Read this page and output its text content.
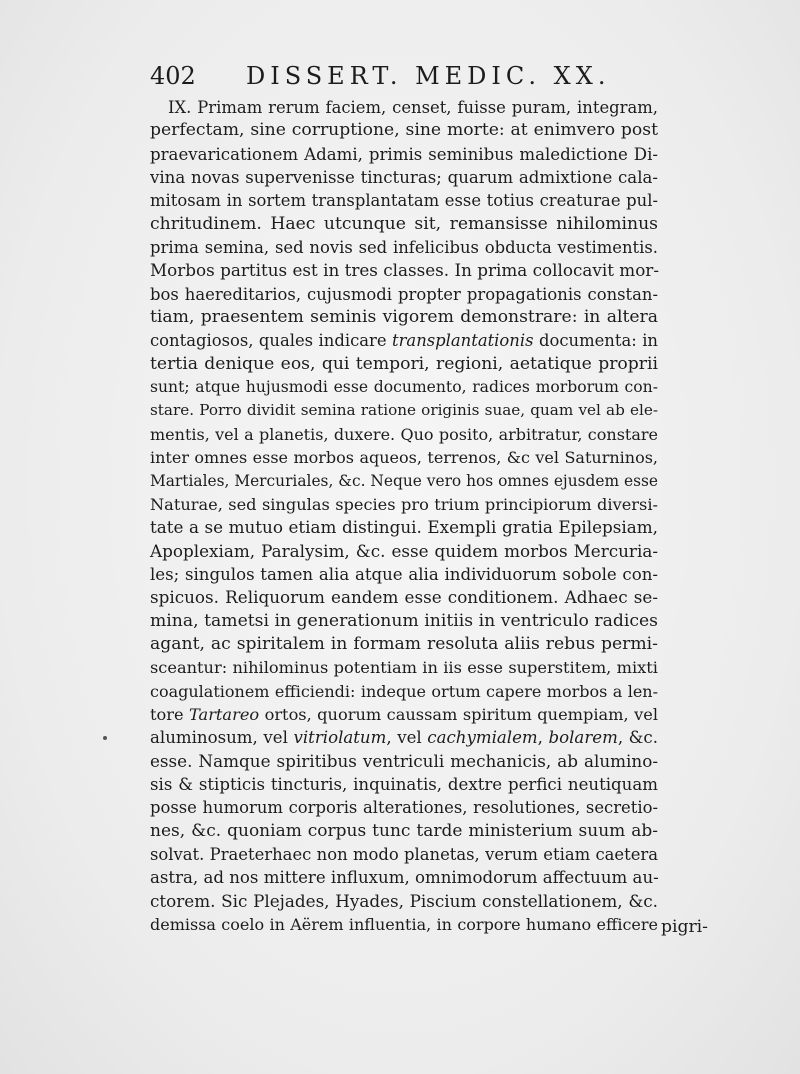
402 DISSERT. MEDIC. XX.
IX. Primam rerum faciem, censet, fuisse puram, integram,
perfectam, sine corruptione, sine morte: at enimvero post
praevaricationem Adami, primis seminibus maledictione Di-
vina novas supervenisse tincturas; quarum admixtione cala-
mitosam in sortem transplantatam esse totius creaturae pul-
chritudinem. Haec utcunque sit, remansisse nihilominus
prima semina, sed novis sed infelicibus obducta vestimentis.
Morbos partitus est in tres classes. In prima collocavit mor-
bos haereditarios, cujusmodi propter propagationis constan-
tiam, praesentem seminis vigorem demonstrare: in altera
contagiosos, quales indicare transplantationis documenta: in
tertia denique eos, qui tempori, regioni, aetatique proprii
sunt; atque hujusmodi esse documento, radices morborum con-
stare. Porro dividit semina ratione originis suae, quam vel ab ele-
mentis, vel a planetis, duxere. Quo posito, arbitratur, constare
inter omnes esse morbos aqueos, terrenos, &c vel Saturninos,
Martiales, Mercuriales, &c. Neque vero hos omnes ejusdem esse
Naturae, sed singulas species pro trium principiorum diversi-
tate a se mutuo etiam distingui. Exempli gratia Epilepsiam,
Apoplexiam, Paralysim, &c. esse quidem morbos Mercuria-
les; singulos tamen alia atque alia individuorum sobole con-
spicuos. Reliquorum eandem esse conditionem. Adhaec se-
mina, tametsi in generationum initiis in ventriculo radices
agant, ac spiritalem in formam resoluta aliis rebus permi-
sceantur: nihilominus potentiam in iis esse superstitem, mixti
coagulationem efficiendi: indeque ortum capere morbos a len-
tore Tartareo ortos, quorum caussam spiritum quempiam, vel
aluminosum, vel vitriolatum, vel cachymialem, bolarem, &c.
esse. Namque spiritibus ventriculi mechanicis, ab alumino-
sis & stipticis tincturis, inquinatis, dextre perfici neutiquam
posse humorum corporis alterationes, resolutiones, secretio-
nes, &c. quoniam corpus tunc tarde ministerium suum ab-
solvat. Praeterhaec non modo planetas, verum etiam caetera
astra, ad nos mittere influxum, omnimodorum affectuum au-
ctorem. Sic Plejades, Hyades, Piscium constellationem, &c.
demissa coelo in Aërem influentia, in corpore humano efficere pigri-
